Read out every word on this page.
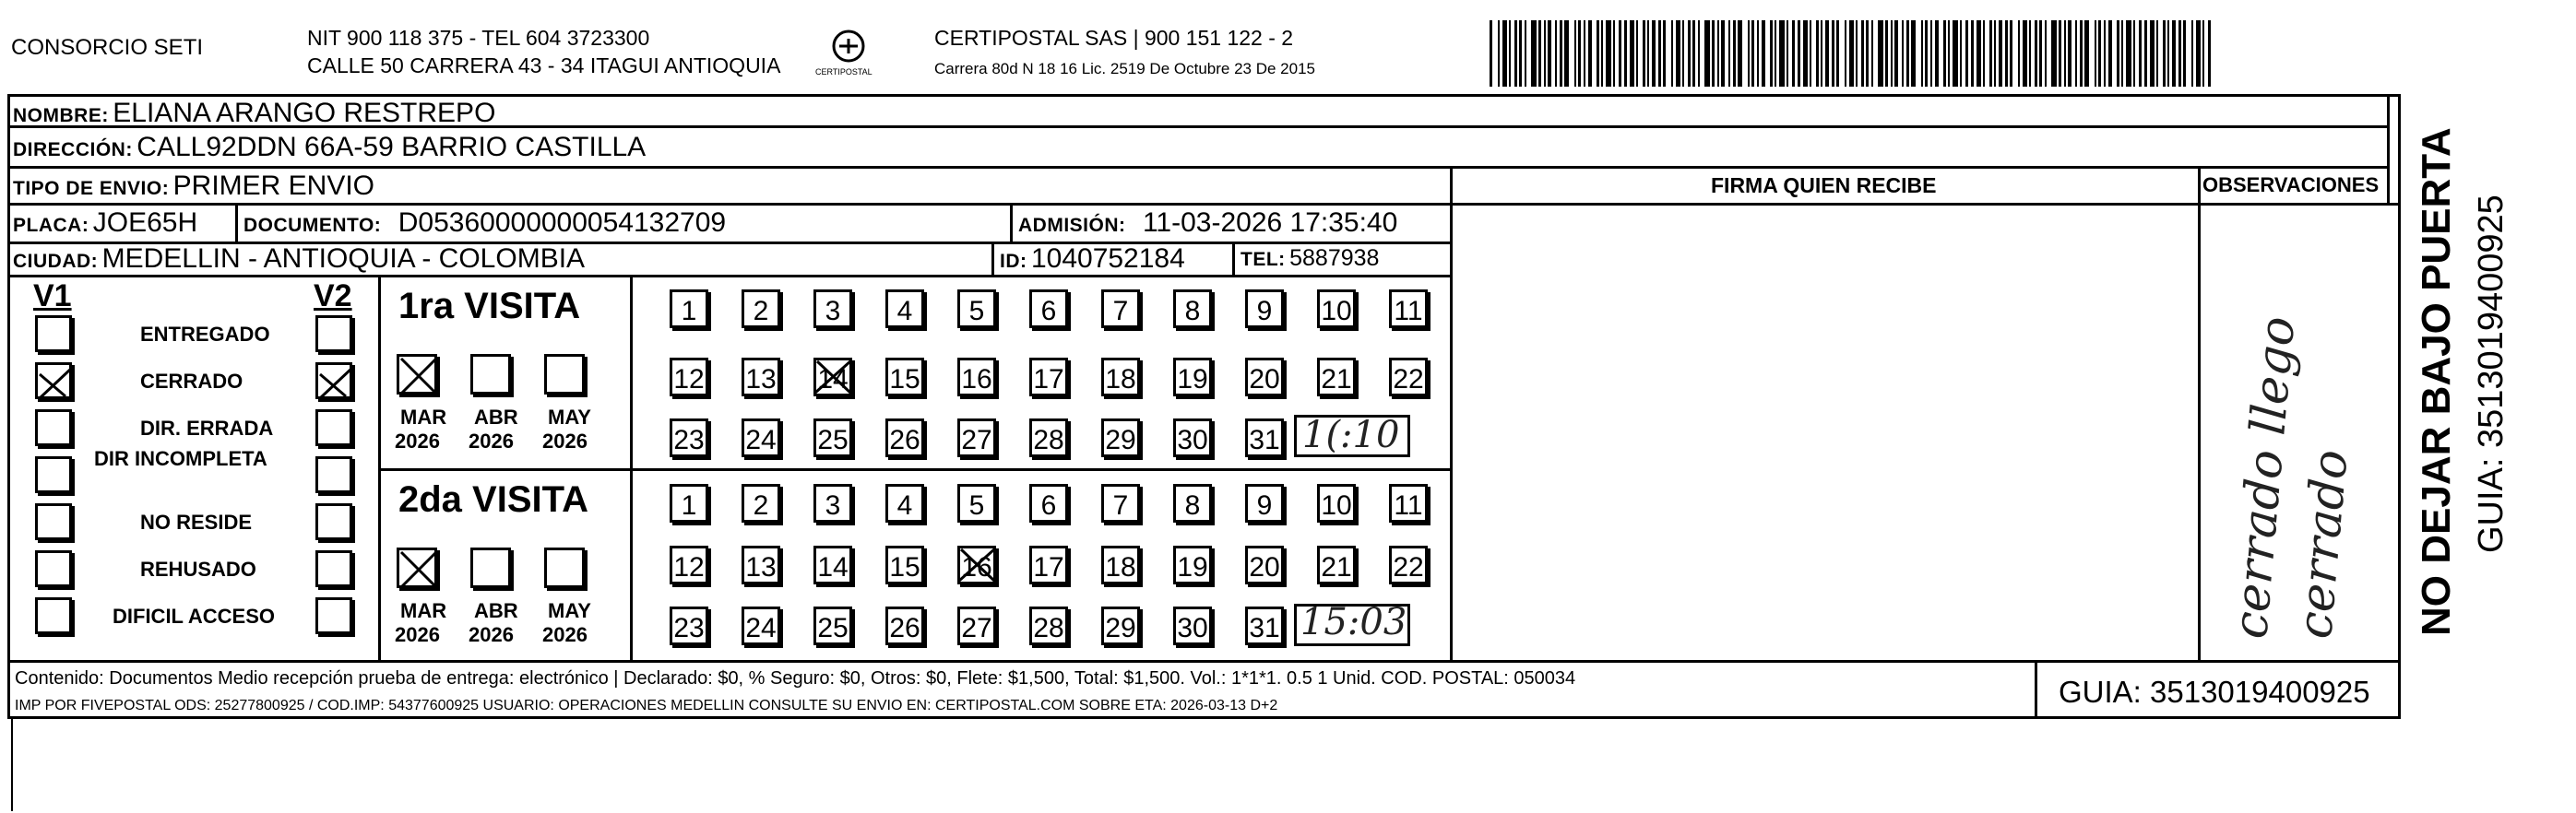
CONSORCIO SETI	NIT 900 118 375 - TEL 604 3723300
CALLE 50 CARRERA 43 - 34 ITAGUI ANTIOQUIA	CERTIPOSTAL
CERTIPOSTAL SAS | 900 151 122 - 2
Carrera 80d N 18 16 Lic. 2519 De Octubre 23 De 2015
NOMBRE: ELIANA ARANGO RESTREPO
DIRECCIÓN: CALL92DDN 66A-59 BARRIO CASTILLA
TIPO DE ENVIO: PRIMER ENVIO
PLACA: JOE65H DOCUMENTO: D05360000000054132709	ADMISIÓN: 11-03-2026 17:35:40
CIUDAD: MEDELLIN - ANTIOQUIA - COLOMBIA	ID: 1040752184	TEL: 5887938
FIRMA QUIEN RECIBE	OBSERVACIONES
V1	V2
ENTREGADO
CERRADO
DIR. ERRADA
DIR INCOMPLETA
NO RESIDE
REHUSADO
DIFICIL ACCESO
1ra VISITA
MAR
2026
ABR
2026
MAY
2026
1	2	3	4	5	6	7	8	9	10 11
12 13 14 15 16 17 18 19 20 21 22
23 24 25 26 27 28 29 30 31 1(:10
2da VISITA
MAR
2026
ABR
2026
MAY
2026
1	2	3	4	5	6	7	8	9	10 11
12 13 14 15 16 17 18 19 20 21 22
23 24 25 26 27 28 29 30 31 15:03	cerrado llego
cerrado
Contenido: Documentos Medio recepción prueba de entrega: electrónico | Declarado: $0, % Seguro: $0, Otros: $0, Flete: $1,500, Total: $1,500. Vol.: 1*1*1. 0.5 1 Unid. COD. POSTAL: 050034
IMP POR FIVEPOSTAL ODS: 25277800925 / COD.IMP: 54377600925 USUARIO: OPERACIONES MEDELLIN CONSULTE SU ENVIO EN: CERTIPOSTAL.COM SOBRE ETA: 2026-03-13 D+2	GUIA: 3513019400925
NO DEJAR BAJO PUERTA GUIA: 3513019400925
